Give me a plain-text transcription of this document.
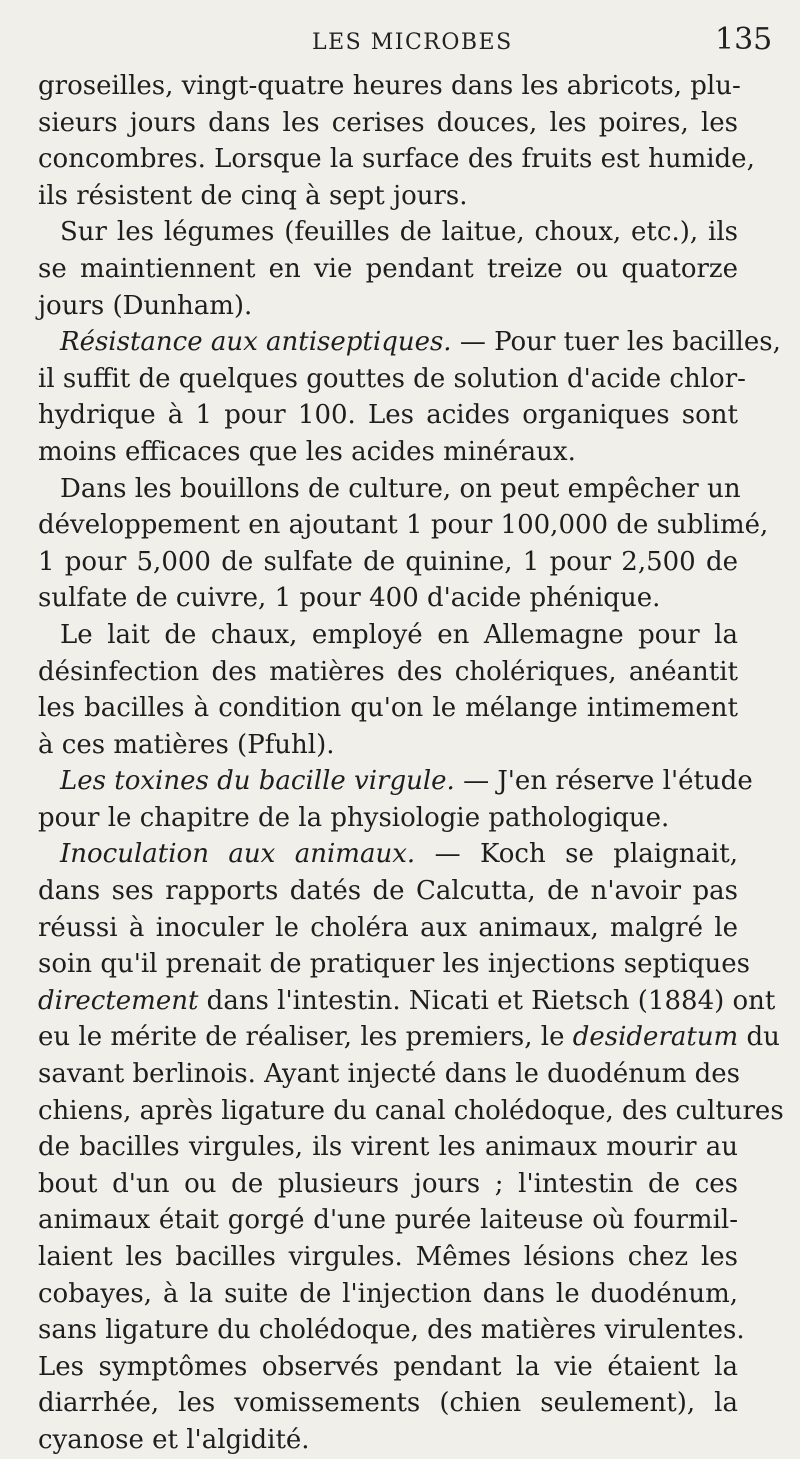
LES MICROBES	135
groseilles, vingt-quatre heures dans les abricots, plu-
sieurs jours dans les cerises douces, les poires, les
concombres. Lorsque la surface des fruits est humide,
ils résistent de cinq à sept jours.
Sur les légumes (feuilles de laitue, choux, etc.), ils
se maintiennent en vie pendant treize ou quatorze
jours (Dunham).
Résistance aux antiseptiques. — Pour tuer les bacilles,
il suffit de quelques gouttes de solution d'acide chlor-
hydrique à 1 pour 100. Les acides organiques sont
moins efficaces que les acides minéraux.
Dans les bouillons de culture, on peut empêcher un
développement en ajoutant 1 pour 100,000 de sublimé,
1 pour 5,000 de sulfate de quinine, 1 pour 2,500 de
sulfate de cuivre, 1 pour 400 d'acide phénique.
Le lait de chaux, employé en Allemagne pour la
désinfection des matières des cholériques, anéantit
les bacilles à condition qu'on le mélange intimement
à ces matières (Pfuhl).
Les toxines du bacille virgule. — J'en réserve l'étude
pour le chapitre de la physiologie pathologique.
Inoculation aux animaux. — Koch se plaignait,
dans ses rapports datés de Calcutta, de n'avoir pas
réussi à inoculer le choléra aux animaux, malgré le
soin qu'il prenait de pratiquer les injections septiques
directement dans l'intestin. Nicati et Rietsch (1884) ont
eu le mérite de réaliser, les premiers, le desideratum du
savant berlinois. Ayant injecté dans le duodénum des
chiens, après ligature du canal cholédoque, des cultures
de bacilles virgules, ils virent les animaux mourir au
bout d'un ou de plusieurs jours ; l'intestin de ces
animaux était gorgé d'une purée laiteuse où fourmil-
laient les bacilles virgules. Mêmes lésions chez les
cobayes, à la suite de l'injection dans le duodénum,
sans ligature du cholédoque, des matières virulentes.
Les symptômes observés pendant la vie étaient la
diarrhée, les vomissements (chien seulement), la
cyanose et l'algidité.
